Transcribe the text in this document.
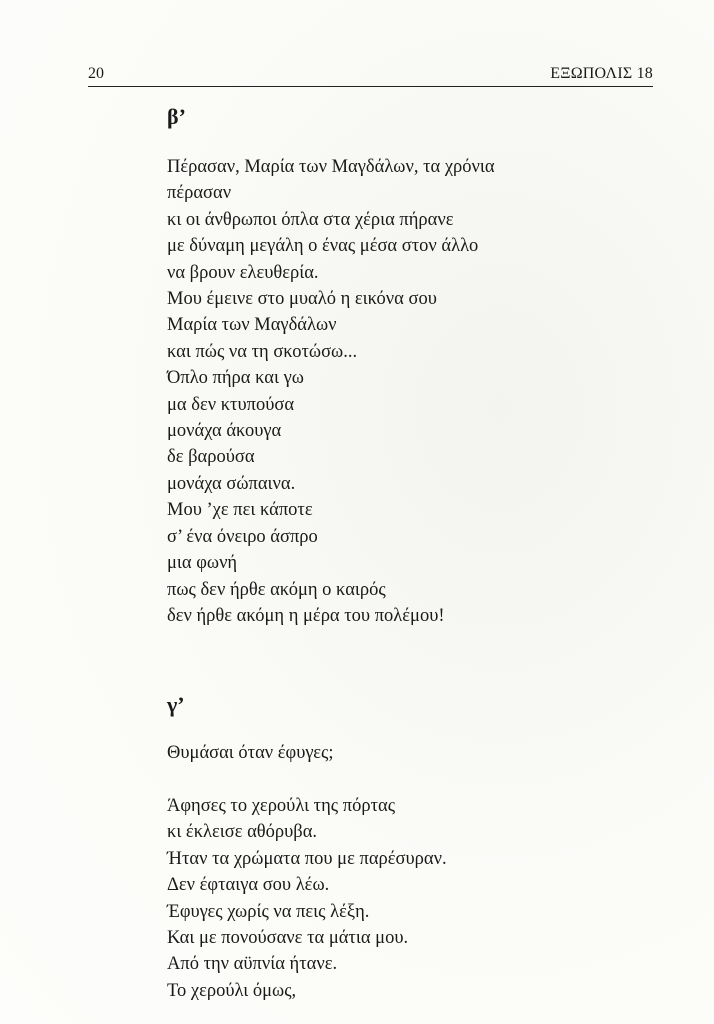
20	ΕΞΩΠΟΛΙΣ 18
β’
Πέρασαν, Μαρία των Μαγδάλων, τα χρόνια
πέρασαν
κι οι άνθρωποι όπλα στα χέρια πήρανε
με δύναμη μεγάλη ο ένας μέσα στον άλλο
να βρουν ελευθερία.
Μου έμεινε στο μυαλό η εικόνα σου
Μαρία των Μαγδάλων
και πώς να τη σκοτώσω...
Όπλο πήρα και γω
μα δεν κτυπούσα
μονάχα άκουγα
δε βαρούσα
μονάχα σώπαινα.
Μου ’χε πει κάποτε
σ’ ένα όνειρο άσπρο
μια φωνή
πως δεν ήρθε ακόμη ο καιρός
δεν ήρθε ακόμη η μέρα του πολέμου!
γ’
Θυμάσαι όταν έφυγες;
Άφησες το χερούλι της πόρτας
κι έκλεισε αθόρυβα.
Ήταν τα χρώματα που με παρέσυραν.
Δεν έφταιγα σου λέω.
Έφυγες χωρίς να πεις λέξη.
Και με πονούσανε τα μάτια μου.
Από την αϋπνία ήτανε.
Το χερούλι όμως,
